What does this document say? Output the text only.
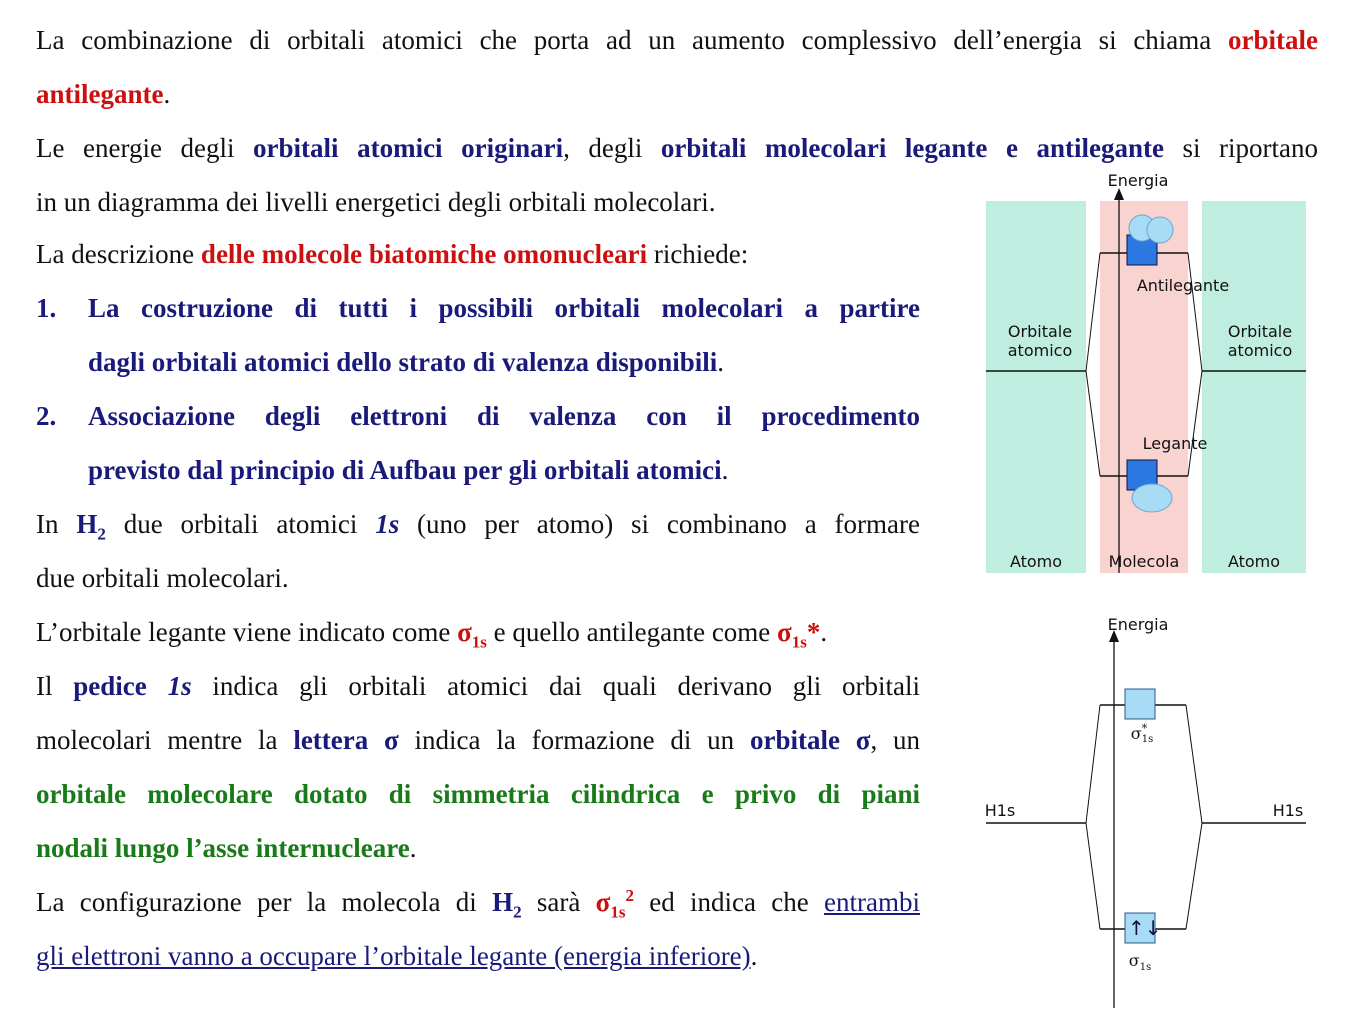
La combinazione di orbitali atomici che porta ad un aumento complessivo dell’energia si chiama orbitale
antilegante.
Le energie degli orbitali atomici originari, degli orbitali molecolari legante e antilegante si riportano
in un diagramma dei livelli energetici degli orbitali molecolari.
La descrizione delle molecole biatomiche omonucleari richiede:
1. La costruzione di tutti i possibili orbitali molecolari a partire
dagli orbitali atomici dello strato di valenza disponibili.
2. Associazione degli elettroni di valenza con il procedimento
previsto dal principio di Aufbau per gli orbitali atomici.
In $H_2$ due orbitali atomici 1s (uno per atomo) si combinano a formare
due orbitali molecolari.
L’orbitale legante viene indicato come $\sigma_{1s}$ e quello antilegante come $\sigma_{1s}*$.
Il pedice 1s indica gli orbitali atomici dai quali derivano gli orbitali
molecolari mentre la lettera σ indica la formazione di un orbitale σ, un
orbitale molecolare dotato di simmetria cilindrica e privo di piani
nodali lungo l’asse internucleare.
La configurazione per la molecola di $H_2$ sarà $\sigma_{1s}^2$ ed indica che entrambi
gli elettroni vanno a occupare l’orbitale legante (energia inferiore).
Energia
Antilegante
Legante
Orbitale
atomico
Orbitale
atomico
Atomo	Molecola	Atomo
Energia
H1s	H1s
↑↓
σ *
$_{1s}$
$\sigma_{1s}$
